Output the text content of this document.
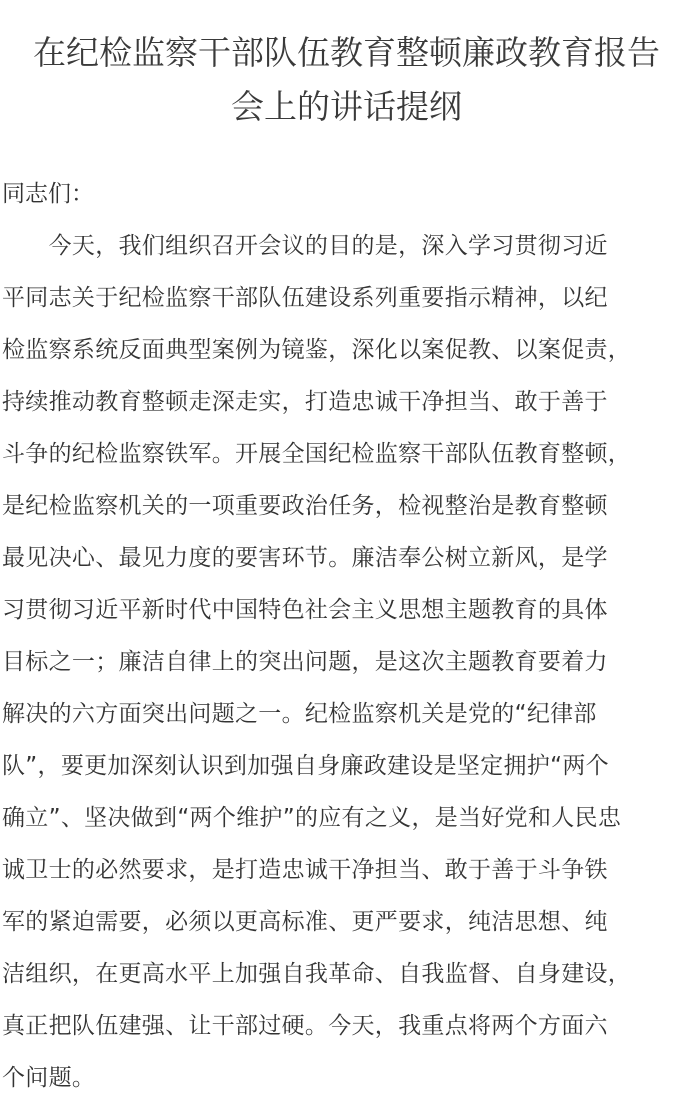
在纪检监察干部队伍教育整顿廉政教育报告
会上的讲话提纲

同志们：

　　今天，我们组织召开会议的目的是，深入学习贯彻习近
平同志关于纪检监察干部队伍建设系列重要指示精神，以纪
检监察系统反面典型案例为镜鉴，深化以案促教、以案促责，
持续推动教育整顿走深走实，打造忠诚干净担当、敢于善于
斗争的纪检监察铁军。开展全国纪检监察干部队伍教育整顿，
是纪检监察机关的一项重要政治任务，检视整治是教育整顿
最见决心、最见力度的要害环节。廉洁奉公树立新风，是学
习贯彻习近平新时代中国特色社会主义思想主题教育的具体
目标之一；廉洁自律上的突出问题，是这次主题教育要着力
解决的六方面突出问题之一。纪检监察机关是党的“纪律部
队”，要更加深刻认识到加强自身廉政建设是坚定拥护“两个
确立”、坚决做到“两个维护”的应有之义，是当好党和人民忠
诚卫士的必然要求，是打造忠诚干净担当、敢于善于斗争铁
军的紧迫需要，必须以更高标准、更严要求，纯洁思想、纯
洁组织，在更高水平上加强自我革命、自我监督、自身建设，
真正把队伍建强、让干部过硬。今天，我重点将两个方面六
个问题。
